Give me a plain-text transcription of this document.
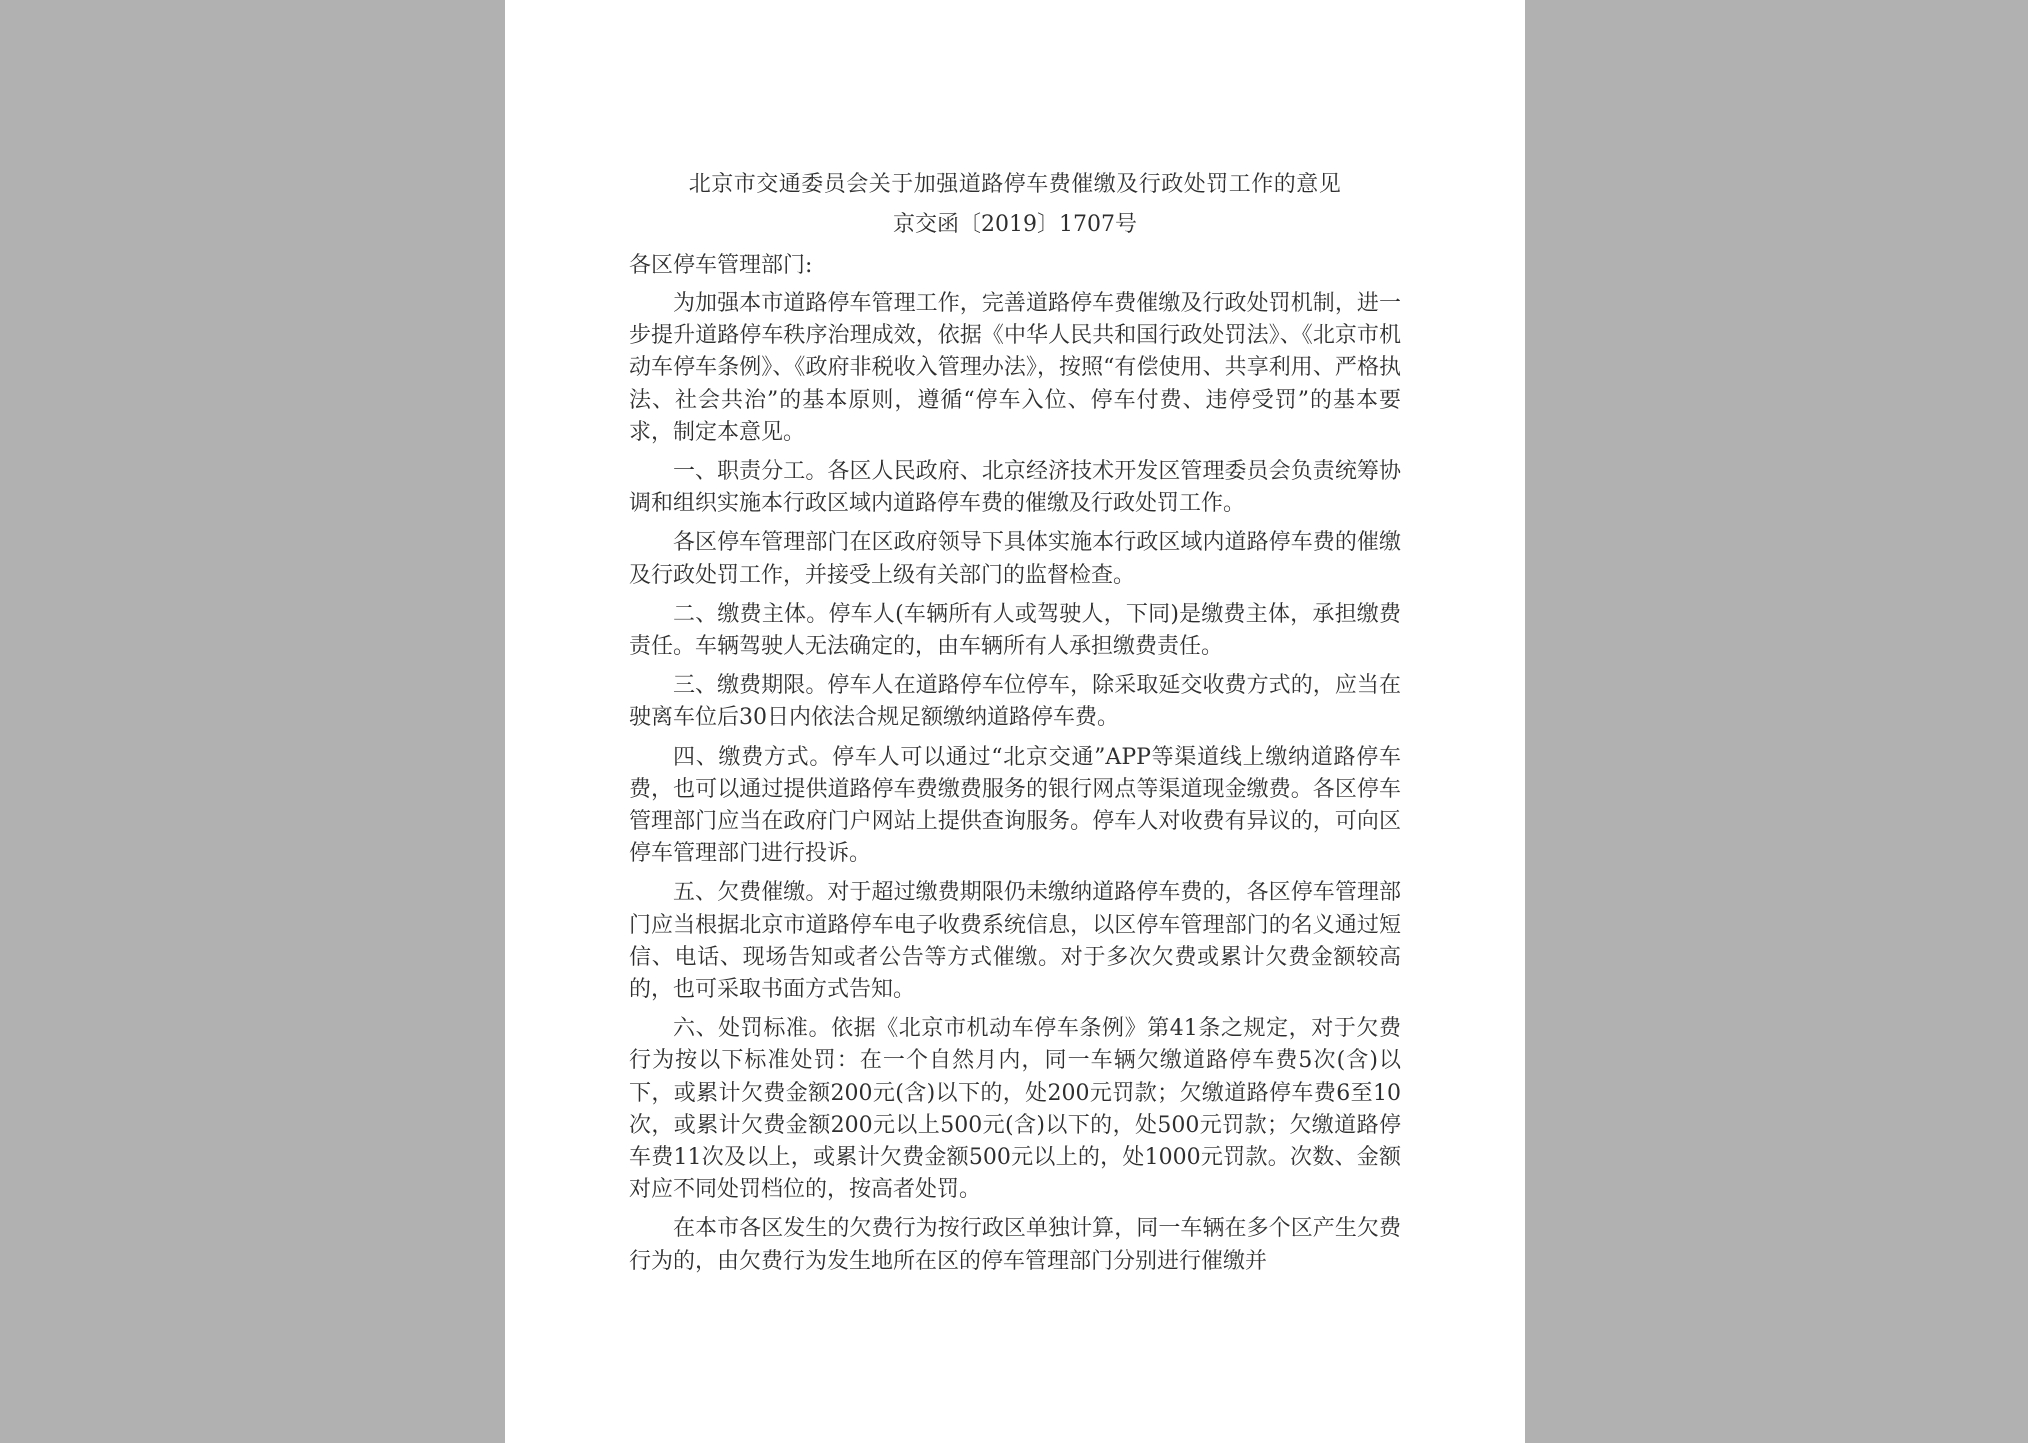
北京市交通委员会关于加强道路停车费催缴及行政处罚工作的意见
京交函〔2019〕1707号
各区停车管理部门:

为加强本市道路停车管理工作，完善道路停车费催缴及行政处罚机制，进一步提升道路停车秩序治理成效，依据《中华人民共和国行政处罚法》、《北京市机动车停车条例》、《政府非税收入管理办法》，按照“有偿使用、共享利用、严格执法、社会共治”的基本原则，遵循“停车入位、停车付费、违停受罚”的基本要求，制定本意见。

一、职责分工。各区人民政府、北京经济技术开发区管理委员会负责统筹协调和组织实施本行政区域内道路停车费的催缴及行政处罚工作。

各区停车管理部门在区政府领导下具体实施本行政区域内道路停车费的催缴及行政处罚工作，并接受上级有关部门的监督检查。

二、缴费主体。停车人(车辆所有人或驾驶人，下同)是缴费主体，承担缴费责任。车辆驾驶人无法确定的，由车辆所有人承担缴费责任。

三、缴费期限。停车人在道路停车位停车，除采取延交收费方式的，应当在驶离车位后30日内依法合规足额缴纳道路停车费。

四、缴费方式。停车人可以通过“北京交通”APP等渠道线上缴纳道路停车费，也可以通过提供道路停车费缴费服务的银行网点等渠道现金缴费。各区停车管理部门应当在政府门户网站上提供查询服务。停车人对收费有异议的，可向区停车管理部门进行投诉。

五、欠费催缴。对于超过缴费期限仍未缴纳道路停车费的，各区停车管理部门应当根据北京市道路停车电子收费系统信息，以区停车管理部门的名义通过短信、电话、现场告知或者公告等方式催缴。对于多次欠费或累计欠费金额较高的，也可采取书面方式告知。

六、处罚标准。依据《北京市机动车停车条例》第41条之规定，对于欠费行为按以下标准处罚：在一个自然月内，同一车辆欠缴道路停车费5次(含)以下，或累计欠费金额200元(含)以下的，处200元罚款；欠缴道路停车费6至10次，或累计欠费金额200元以上500元(含)以下的，处500元罚款；欠缴道路停车费11次及以上，或累计欠费金额500元以上的，处1000元罚款。次数、金额对应不同处罚档位的，按高者处罚。

在本市各区发生的欠费行为按行政区单独计算，同一车辆在多个区产生欠费行为的，由欠费行为发生地所在区的停车管理部门分别进行催缴并
